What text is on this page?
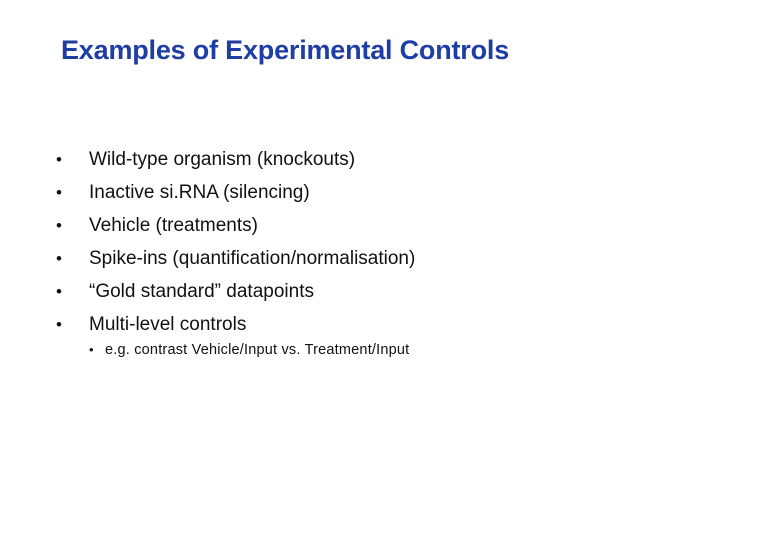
Examples of Experimental Controls
•	Wild-type organism (knockouts)
•	Inactive si.RNA (silencing)
•	Vehicle (treatments)
•	Spike-ins (quantification/normalisation)
•	“Gold standard” datapoints
•	Multi-level controls
• e.g. contrast Vehicle/Input vs. Treatment/Input
